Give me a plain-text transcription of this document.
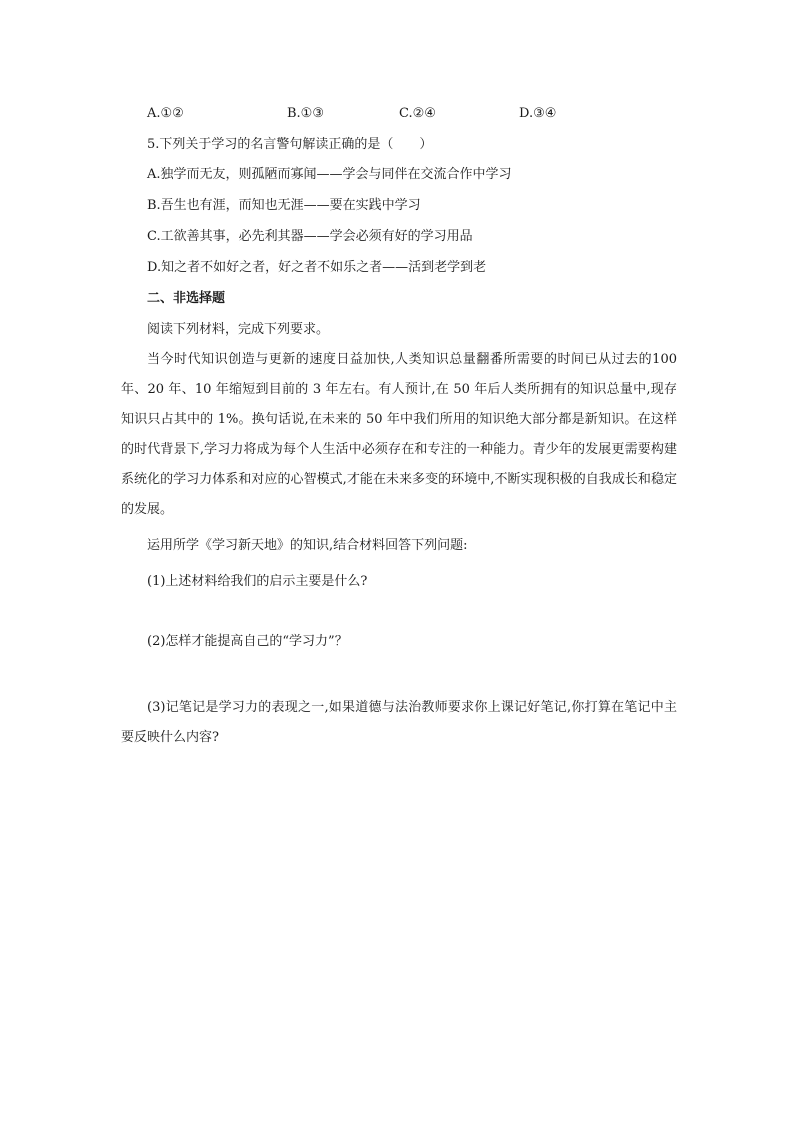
A.①②	B.①③	C.②④	D.③④
5.下列关于学习的名言警句解读正确的是（　　）
A.独学而无友，则孤陋而寡闻——学会与同伴在交流合作中学习
B.吾生也有涯，而知也无涯——要在实践中学习
C.工欲善其事，必先利其器——学会必须有好的学习用品
D.知之者不如好之者，好之者不如乐之者——活到老学到老
二、非选择题
阅读下列材料，完成下列要求。
当今时代知识创造与更新的速度日益加快,人类知识总量翻番所需要的时间已从过去的100 年、20 年、10 年缩短到目前的 3 年左右。有人预计,在 50 年后人类所拥有的知识总量中,现存知识只占其中的 1%。换句话说,在未来的 50 年中我们所用的知识绝大部分都是新知识。在这样的时代背景下,学习力将成为每个人生活中必须存在和专注的一种能力。青少年的发展更需要构建系统化的学习力体系和对应的心智模式,才能在未来多变的环境中,不断实现积极的自我成长和稳定的发展。
运用所学《学习新天地》的知识,结合材料回答下列问题:
(1)上述材料给我们的启示主要是什么?
(2)怎样才能提高自己的“学习力”？
(3)记笔记是学习力的表现之一,如果道德与法治教师要求你上课记好笔记,你打算在笔记中主要反映什么内容?
